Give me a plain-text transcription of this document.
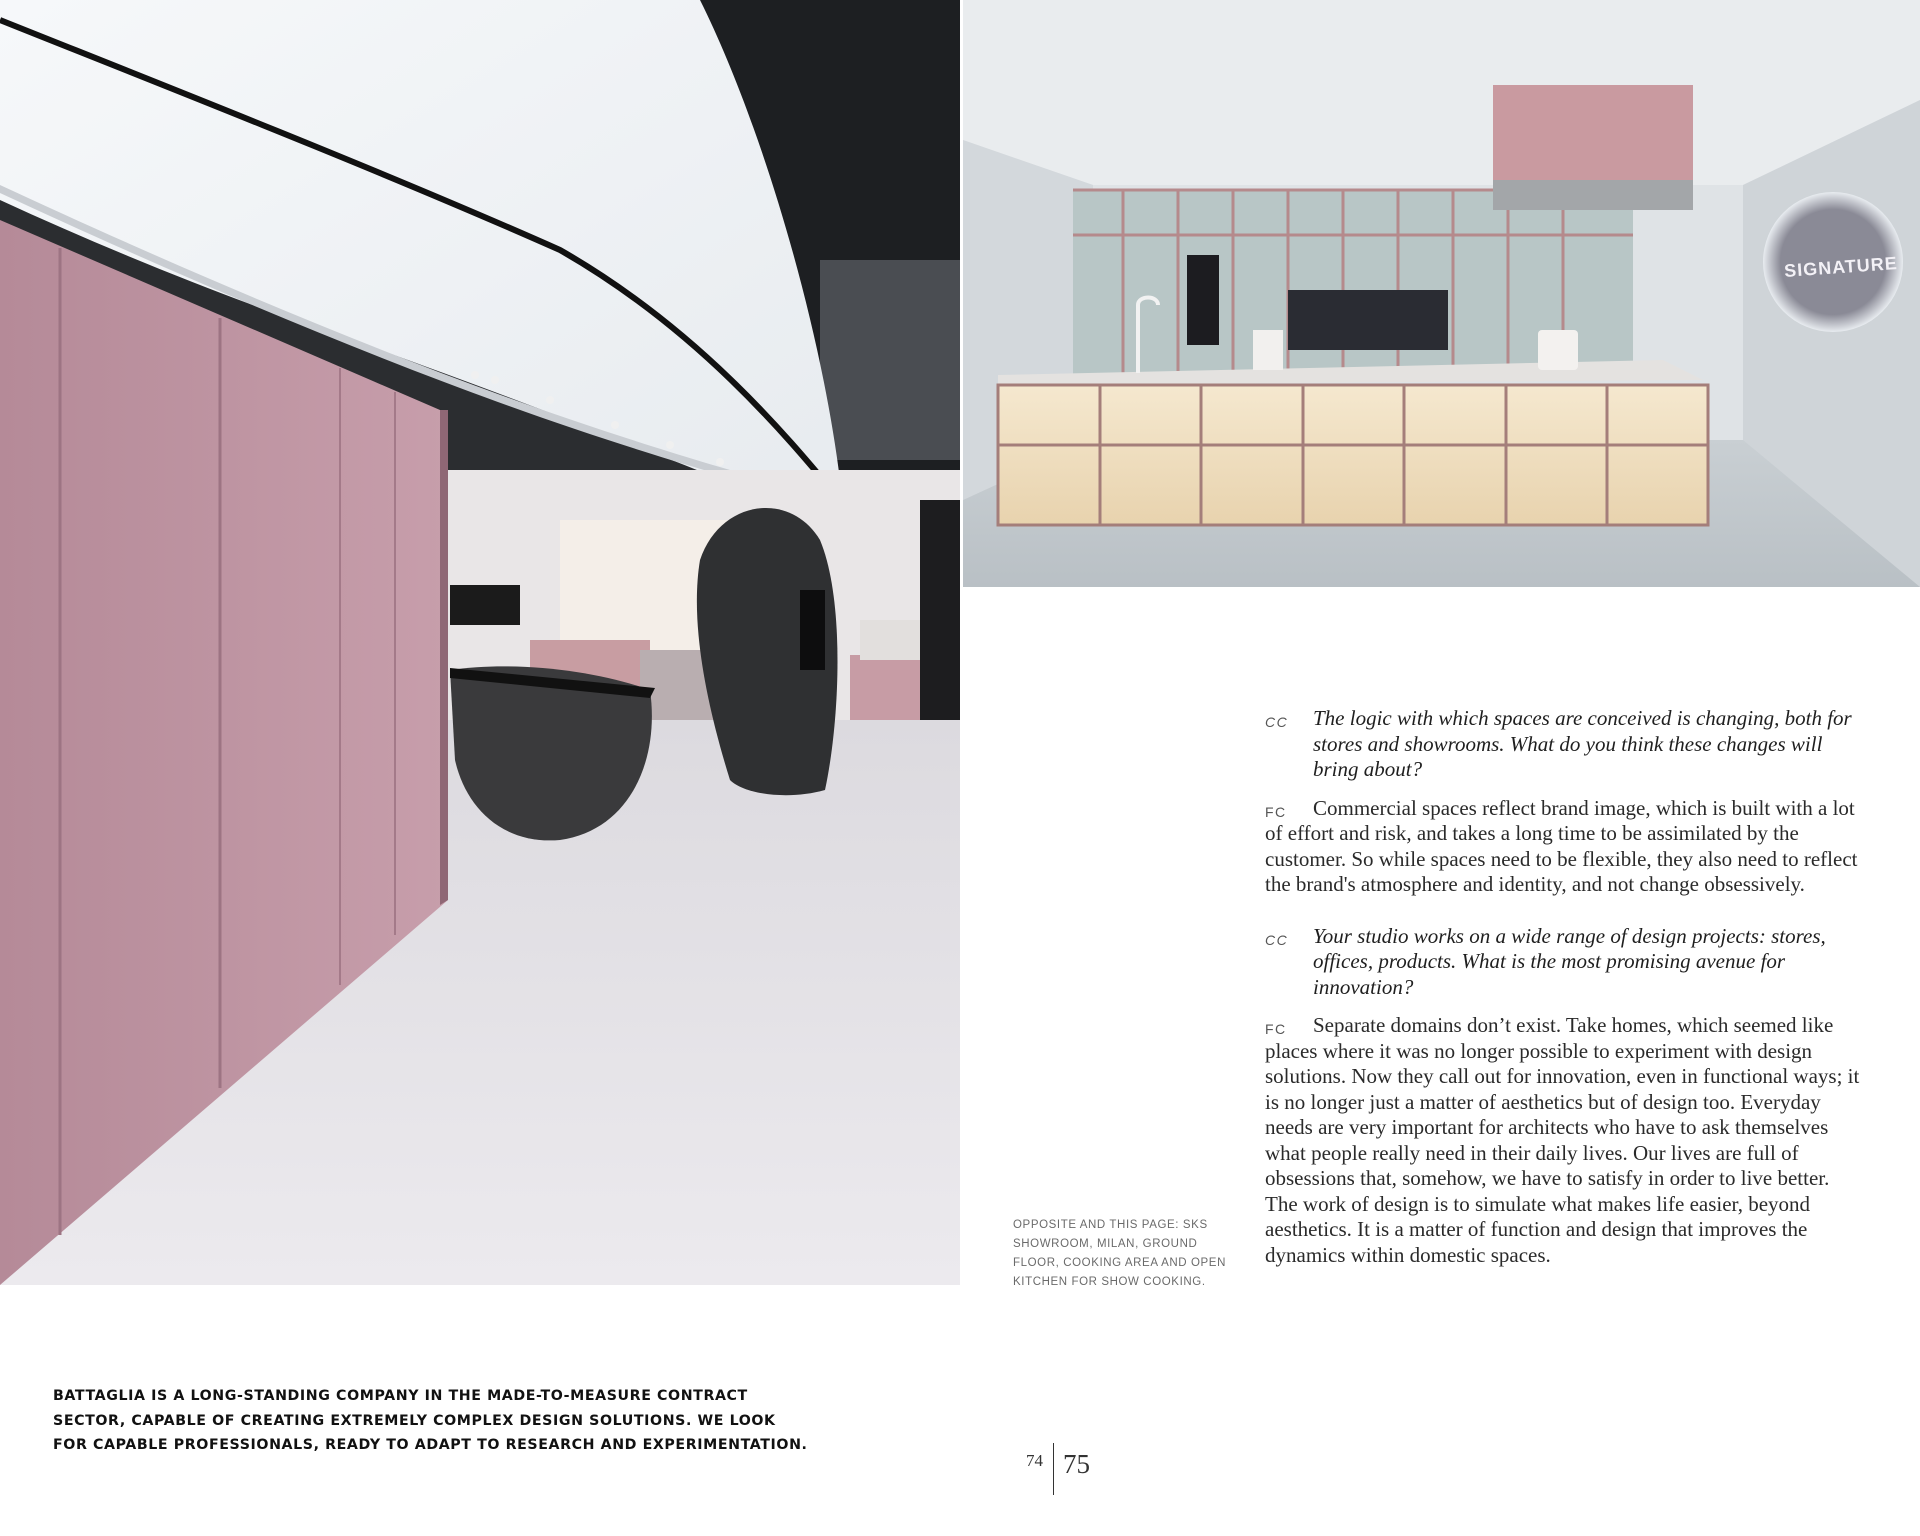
SIGNATURE

CC The logic with which spaces are conceived is changing, both for stores and showrooms. What do you think these changes will bring about?

FC Commercial spaces reflect brand image, which is built with a lot of effort and risk, and takes a long time to be assimilated by the customer. So while spaces need to be flexible, they also need to reflect the brand's atmosphere and identity, and not change obsessively.

CC Your studio works on a wide range of design projects: stores, offices, products. What is the most promising avenue for innovation?

FC Separate domains don’t exist. Take homes, which seemed like places where it was no longer possible to experiment with design solutions. Now they call out for innovation, even in functional ways; it is no longer just a matter of aesthetics but of design too. Everyday needs are very important for architects who have to ask themselves what people really need in their daily lives. Our lives are full of obsessions that, somehow, we have to satisfy in order to live better. The work of design is to simulate what makes life easier, beyond aesthetics. It is a matter of function and design that improves the dynamics within domestic spaces.

OPPOSITE AND THIS PAGE: SKS SHOWROOM, MILAN, GROUND FLOOR, COOKING AREA AND OPEN KITCHEN FOR SHOW COOKING.
BATTAGLIA IS A LONG-STANDING COMPANY IN THE MADE-TO-MEASURE CONTRACT SECTOR, CAPABLE OF CREATING EXTREMELY COMPLEX DESIGN SOLUTIONS. WE LOOK FOR CAPABLE PROFESSIONALS, READY TO ADAPT TO RESEARCH AND EXPERIMENTATION.
74 75
